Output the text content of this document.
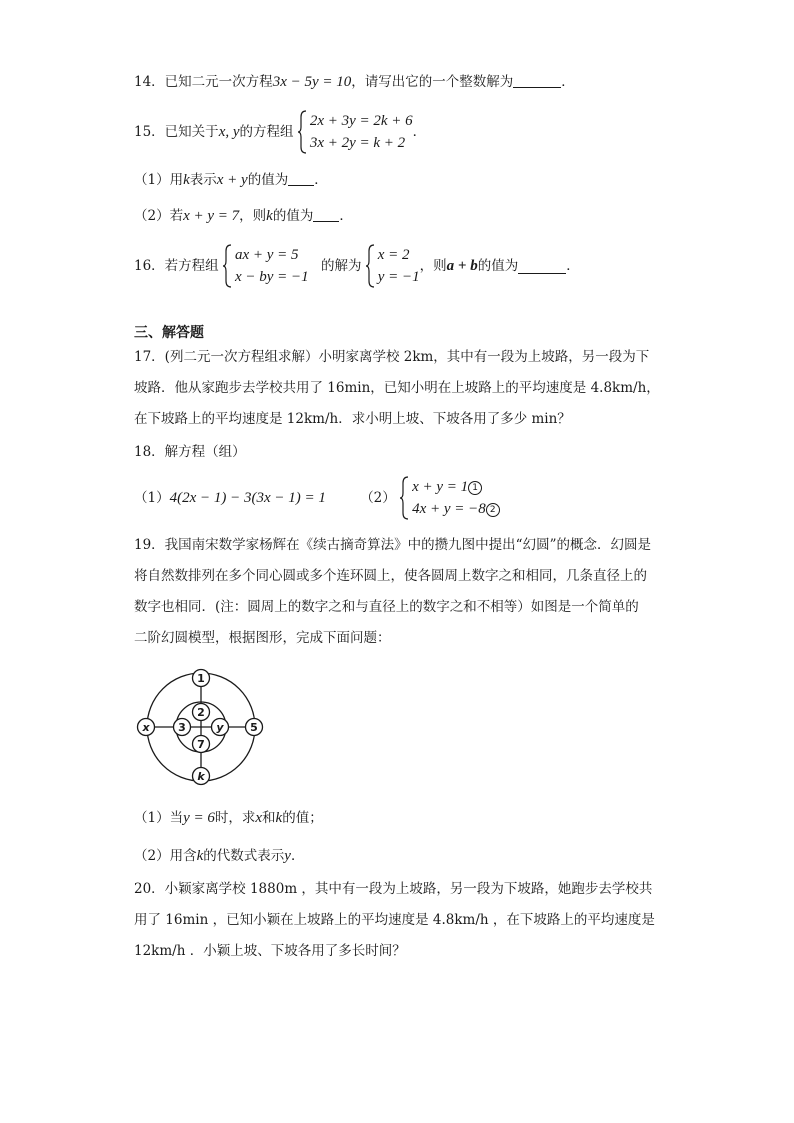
14．已知二元一次方程3x − 5y = 10，请写出它的一个整数解为	．
15．已知关于x, y的方程组
2x + 3y = 2k + 6
3x + 2y = k + 2
．
（1）用k表示x + y的值为 ．
（2）若x + y = 7，则k的值为 ．
16．若方程组
ax + y = 5
x − by = −1
的解为
x = 2
y = −1
，则a + b的值为	．
三、解答题
17．(列二元一次方程组求解）小明家离学校 2km，其中有一段为上坡路，另一段为下
坡路．他从家跑步去学校共用了 16min，已知小明在上坡路上的平均速度是 4.8km/h，
在下坡路上的平均速度是 12km/h．求小明上坡、下坡各用了多少 min？
18．解方程（组）
（1）4(2x − 1) − 3(3x − 1) = 1	（2）
x + y = 1 1
4x + y = −8 2
19．我国南宋数学家杨辉在《续古摘奇算法》中的攒九图中提出“幻圆”的概念．幻圆是
将自然数排列在多个同心圆或多个连环圆上，使各圆周上数字之和相同，几条直径上的
数字也相同．(注：圆周上的数字之和与直径上的数字之和不相等）如图是一个简单的
二阶幻圆模型，根据图形，完成下面问题：
1
2
3	y
7
x	5
k
（1）当y = 6时，求x和k的值；
（2）用含k的代数式表示y．
20．小颖家离学校 1880m ，其中有一段为上坡路，另一段为下坡路，她跑步去学校共
用了 16min ，已知小颖在上坡路上的平均速度是 4.8km/h ，在下坡路上的平均速度是
12km/h ．小颖上坡、下坡各用了多长时间？
